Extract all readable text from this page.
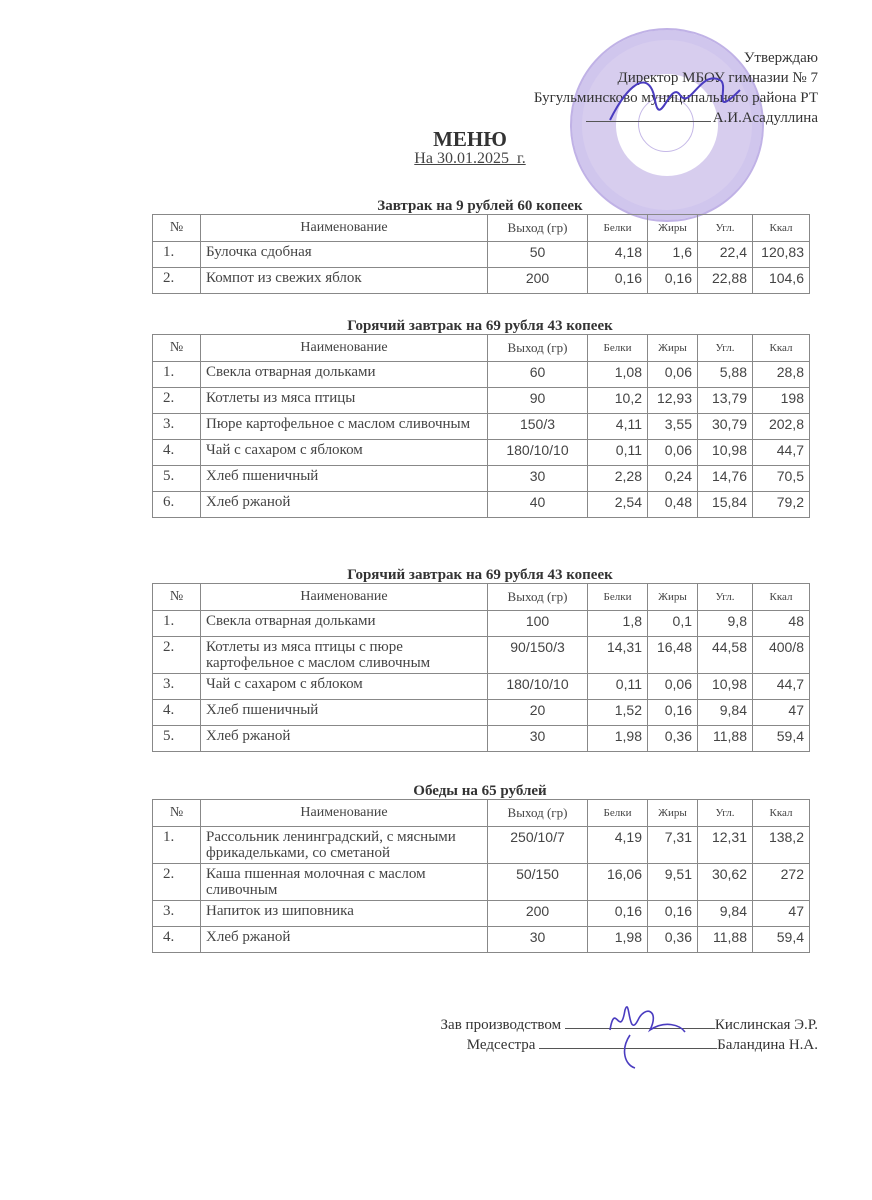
Утверждаю
Директор МБОУ гимназии № 7
Бугульминсково муниципального района РТ
А.И.Асадуллина
МЕНЮ
На 30.01.2025_г.
Завтрак на 9 рублей 60 копеек
№	Наименование	Выход (гр)	Белки	Жиры	Угл.	Ккал
1.	Булочка сдобная	50	4,18	1,6	22,4	120,83
2.	Компот из свежих яблок	200	0,16	0,16	22,88	104,6
Горячий завтрак на 69 рубля 43 копеек
№	Наименование	Выход (гр)	Белки	Жиры	Угл.	Ккал
1.	Свекла отварная дольками	60	1,08	0,06	5,88	28,8
2.	Котлеты из мяса птицы	90	10,2	12,93	13,79	198
3.	Пюре картофельное с маслом сливочным	150/3	4,11	3,55	30,79	202,8
4.	Чай с сахаром с яблоком	180/10/10	0,11	0,06	10,98	44,7
5.	Хлеб пшеничный	30	2,28	0,24	14,76	70,5
6.	Хлеб ржаной	40	2,54	0,48	15,84	79,2
Горячий завтрак на 69 рубля 43 копеек
№	Наименование	Выход (гр)	Белки	Жиры	Угл.	Ккал
1.	Свекла отварная дольками	100	1,8	0,1	9,8	48
2.	Котлеты из мяса птицы с пюре картофельное с маслом сливочным	90/150/3	14,31	16,48	44,58	400/8
3.	Чай с сахаром с яблоком	180/10/10	0,11	0,06	10,98	44,7
4.	Хлеб пшеничный	20	1,52	0,16	9,84	47
5.	Хлеб ржаной	30	1,98	0,36	11,88	59,4
Обеды на 65 рублей
№	Наименование	Выход (гр)	Белки	Жиры	Угл.	Ккал
1.	Рассольник ленинградский, с мясными фрикадельками, со сметаной	250/10/7	4,19	7,31	12,31	138,2
2.	Каша пшенная молочная с маслом сливочным	50/150	16,06	9,51	30,62	272
3.	Напиток из шиповника	200	0,16	0,16	9,84	47
4.	Хлеб ржаной	30	1,98	0,36	11,88	59,4
Зав производством	Кислинская Э.Р.
Медсестра	Баландина Н.А.
